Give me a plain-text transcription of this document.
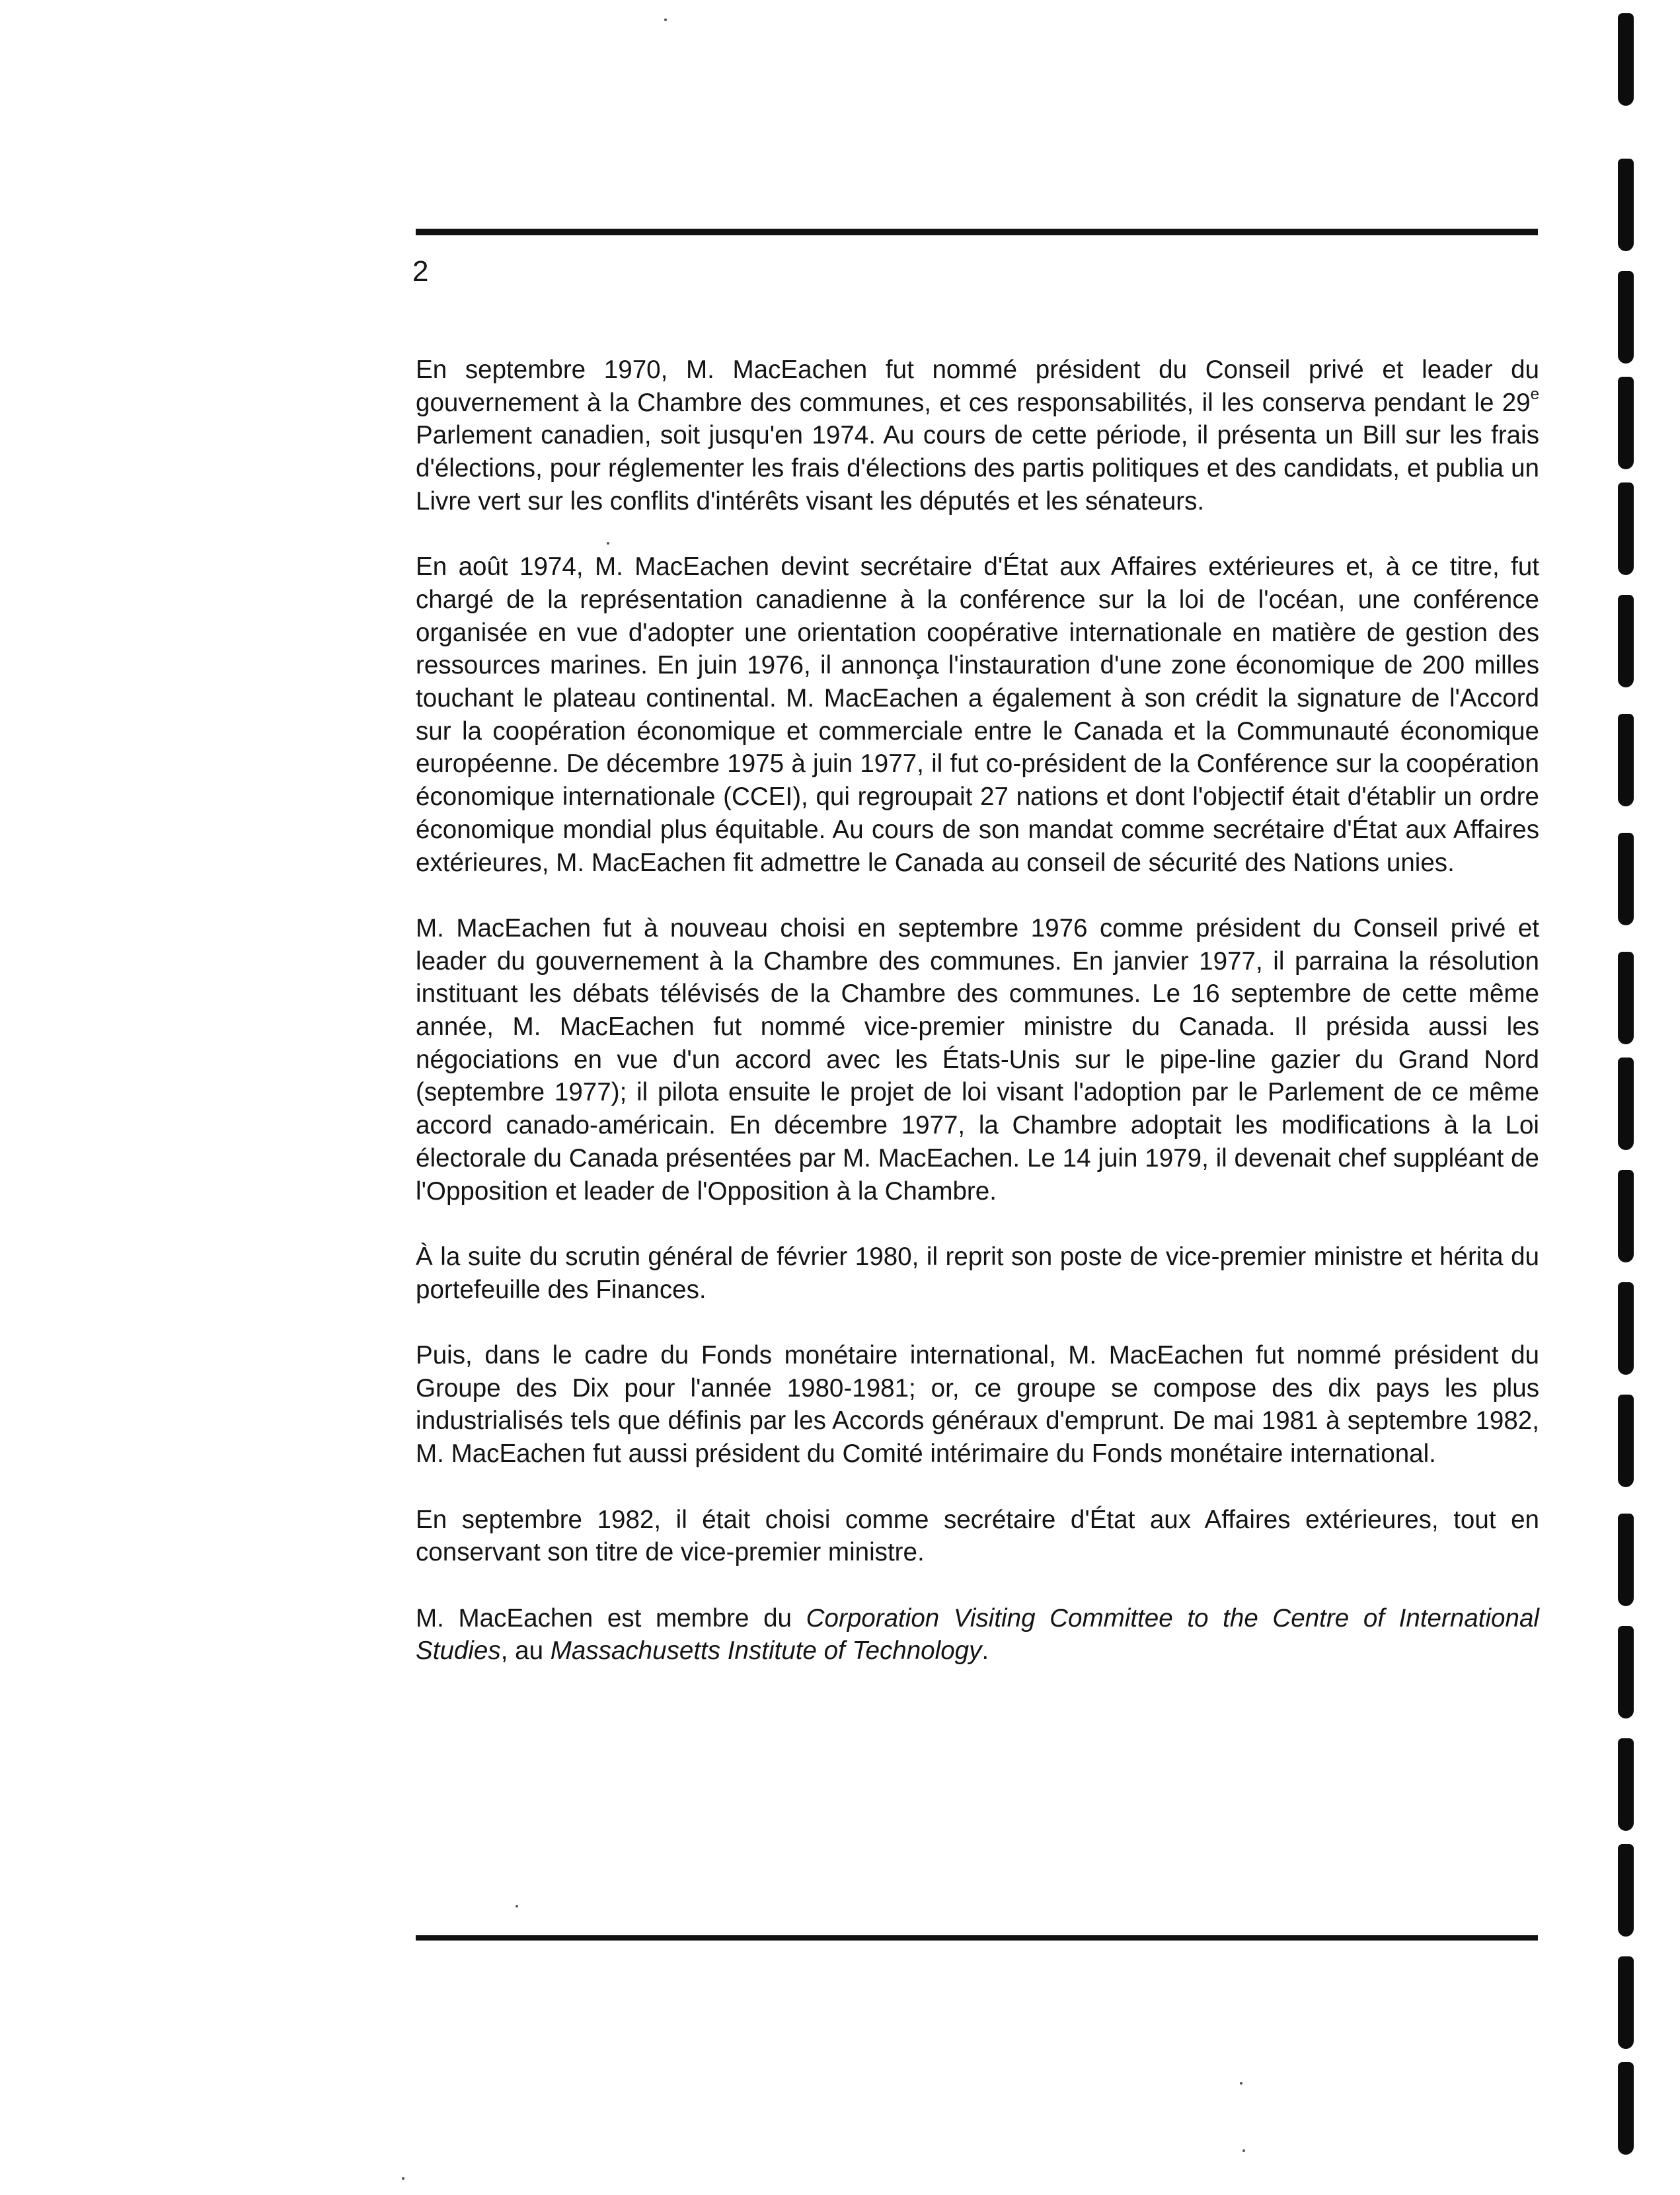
2

En septembre 1970, M. MacEachen fut nommé président du Conseil privé et leader du gouvernement à la Chambre des communes, et ces responsabilités, il les conserva pendant le 29e Parlement canadien, soit jusqu'en 1974. Au cours de cette période, il présenta un Bill sur les frais d'élections, pour réglementer les frais d'élections des partis politiques et des candidats, et publia un Livre vert sur les conflits d'intérêts visant les députés et les sénateurs.

En août 1974, M. MacEachen devint secrétaire d'État aux Affaires extérieures et, à ce titre, fut chargé de la représentation canadienne à la conférence sur la loi de l'océan, une conférence organisée en vue d'adopter une orientation coopérative internationale en matière de gestion des ressources marines. En juin 1976, il annonça l'instauration d'une zone économique de 200 milles touchant le plateau continental. M. MacEachen a également à son crédit la signature de l'Accord sur la coopération économique et commerciale entre le Canada et la Communauté économique européenne. De décembre 1975 à juin 1977, il fut co-président de la Conférence sur la coopération économique internationale (CCEI), qui regroupait 27 nations et dont l'objectif était d'établir un ordre économique mondial plus équitable. Au cours de son mandat comme secrétaire d'État aux Affaires extérieures, M. MacEachen fit admettre le Canada au conseil de sécurité des Nations unies.

M. MacEachen fut à nouveau choisi en septembre 1976 comme président du Conseil privé et leader du gouvernement à la Chambre des communes. En janvier 1977, il parraina la résolution instituant les débats télévisés de la Chambre des communes. Le 16 septembre de cette même année, M. MacEachen fut nommé vice-premier ministre du Canada. Il présida aussi les négociations en vue d'un accord avec les États-Unis sur le pipe-line gazier du Grand Nord (septembre 1977); il pilota ensuite le projet de loi visant l'adoption par le Parlement de ce même accord canado-américain. En décembre 1977, la Chambre adoptait les modifications à la Loi électorale du Canada présentées par M. MacEachen. Le 14 juin 1979, il devenait chef suppléant de l'Opposition et leader de l'Opposition à la Chambre.

À la suite du scrutin général de février 1980, il reprit son poste de vice-premier ministre et hérita du portefeuille des Finances.

Puis, dans le cadre du Fonds monétaire international, M. MacEachen fut nommé président du Groupe des Dix pour l'année 1980-1981; or, ce groupe se compose des dix pays les plus industrialisés tels que définis par les Accords généraux d'emprunt. De mai 1981 à septembre 1982, M. MacEachen fut aussi président du Comité intérimaire du Fonds monétaire international.

En septembre 1982, il était choisi comme secrétaire d'État aux Affaires extérieures, tout en conservant son titre de vice-premier ministre.

M. MacEachen est membre du Corporation Visiting Committee to the Centre of International Studies, au Massachusetts Institute of Technology.
